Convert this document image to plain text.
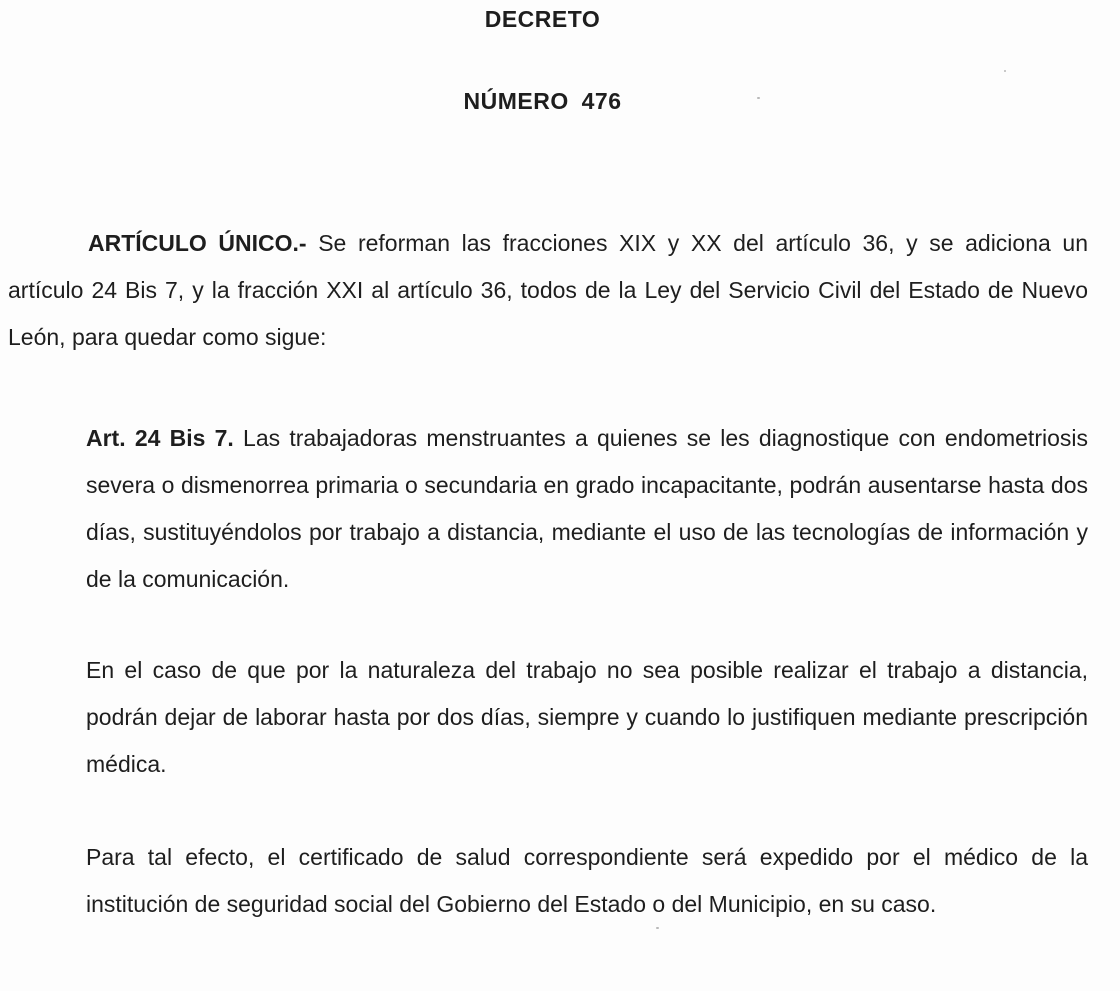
DECRETO
NÚMERO 476

ARTÍCULO ÚNICO.- Se reforman las fracciones XIX y XX del artículo 36, y se adiciona un artículo 24 Bis 7, y la fracción XXI al artículo 36, todos de la Ley del Servicio Civil del Estado de Nuevo León, para quedar como sigue:

Art. 24 Bis 7. Las trabajadoras menstruantes a quienes se les diagnostique con endometriosis severa o dismenorrea primaria o secundaria en grado incapacitante, podrán ausentarse hasta dos días, sustituyéndolos por trabajo a distancia, mediante el uso de las tecnologías de información y de la comunicación.

En el caso de que por la naturaleza del trabajo no sea posible realizar el trabajo a distancia, podrán dejar de laborar hasta por dos días, siempre y cuando lo justifiquen mediante prescripción médica.

Para tal efecto, el certificado de salud correspondiente será expedido por el médico de la institución de seguridad social del Gobierno del Estado o del Municipio, en su caso.
